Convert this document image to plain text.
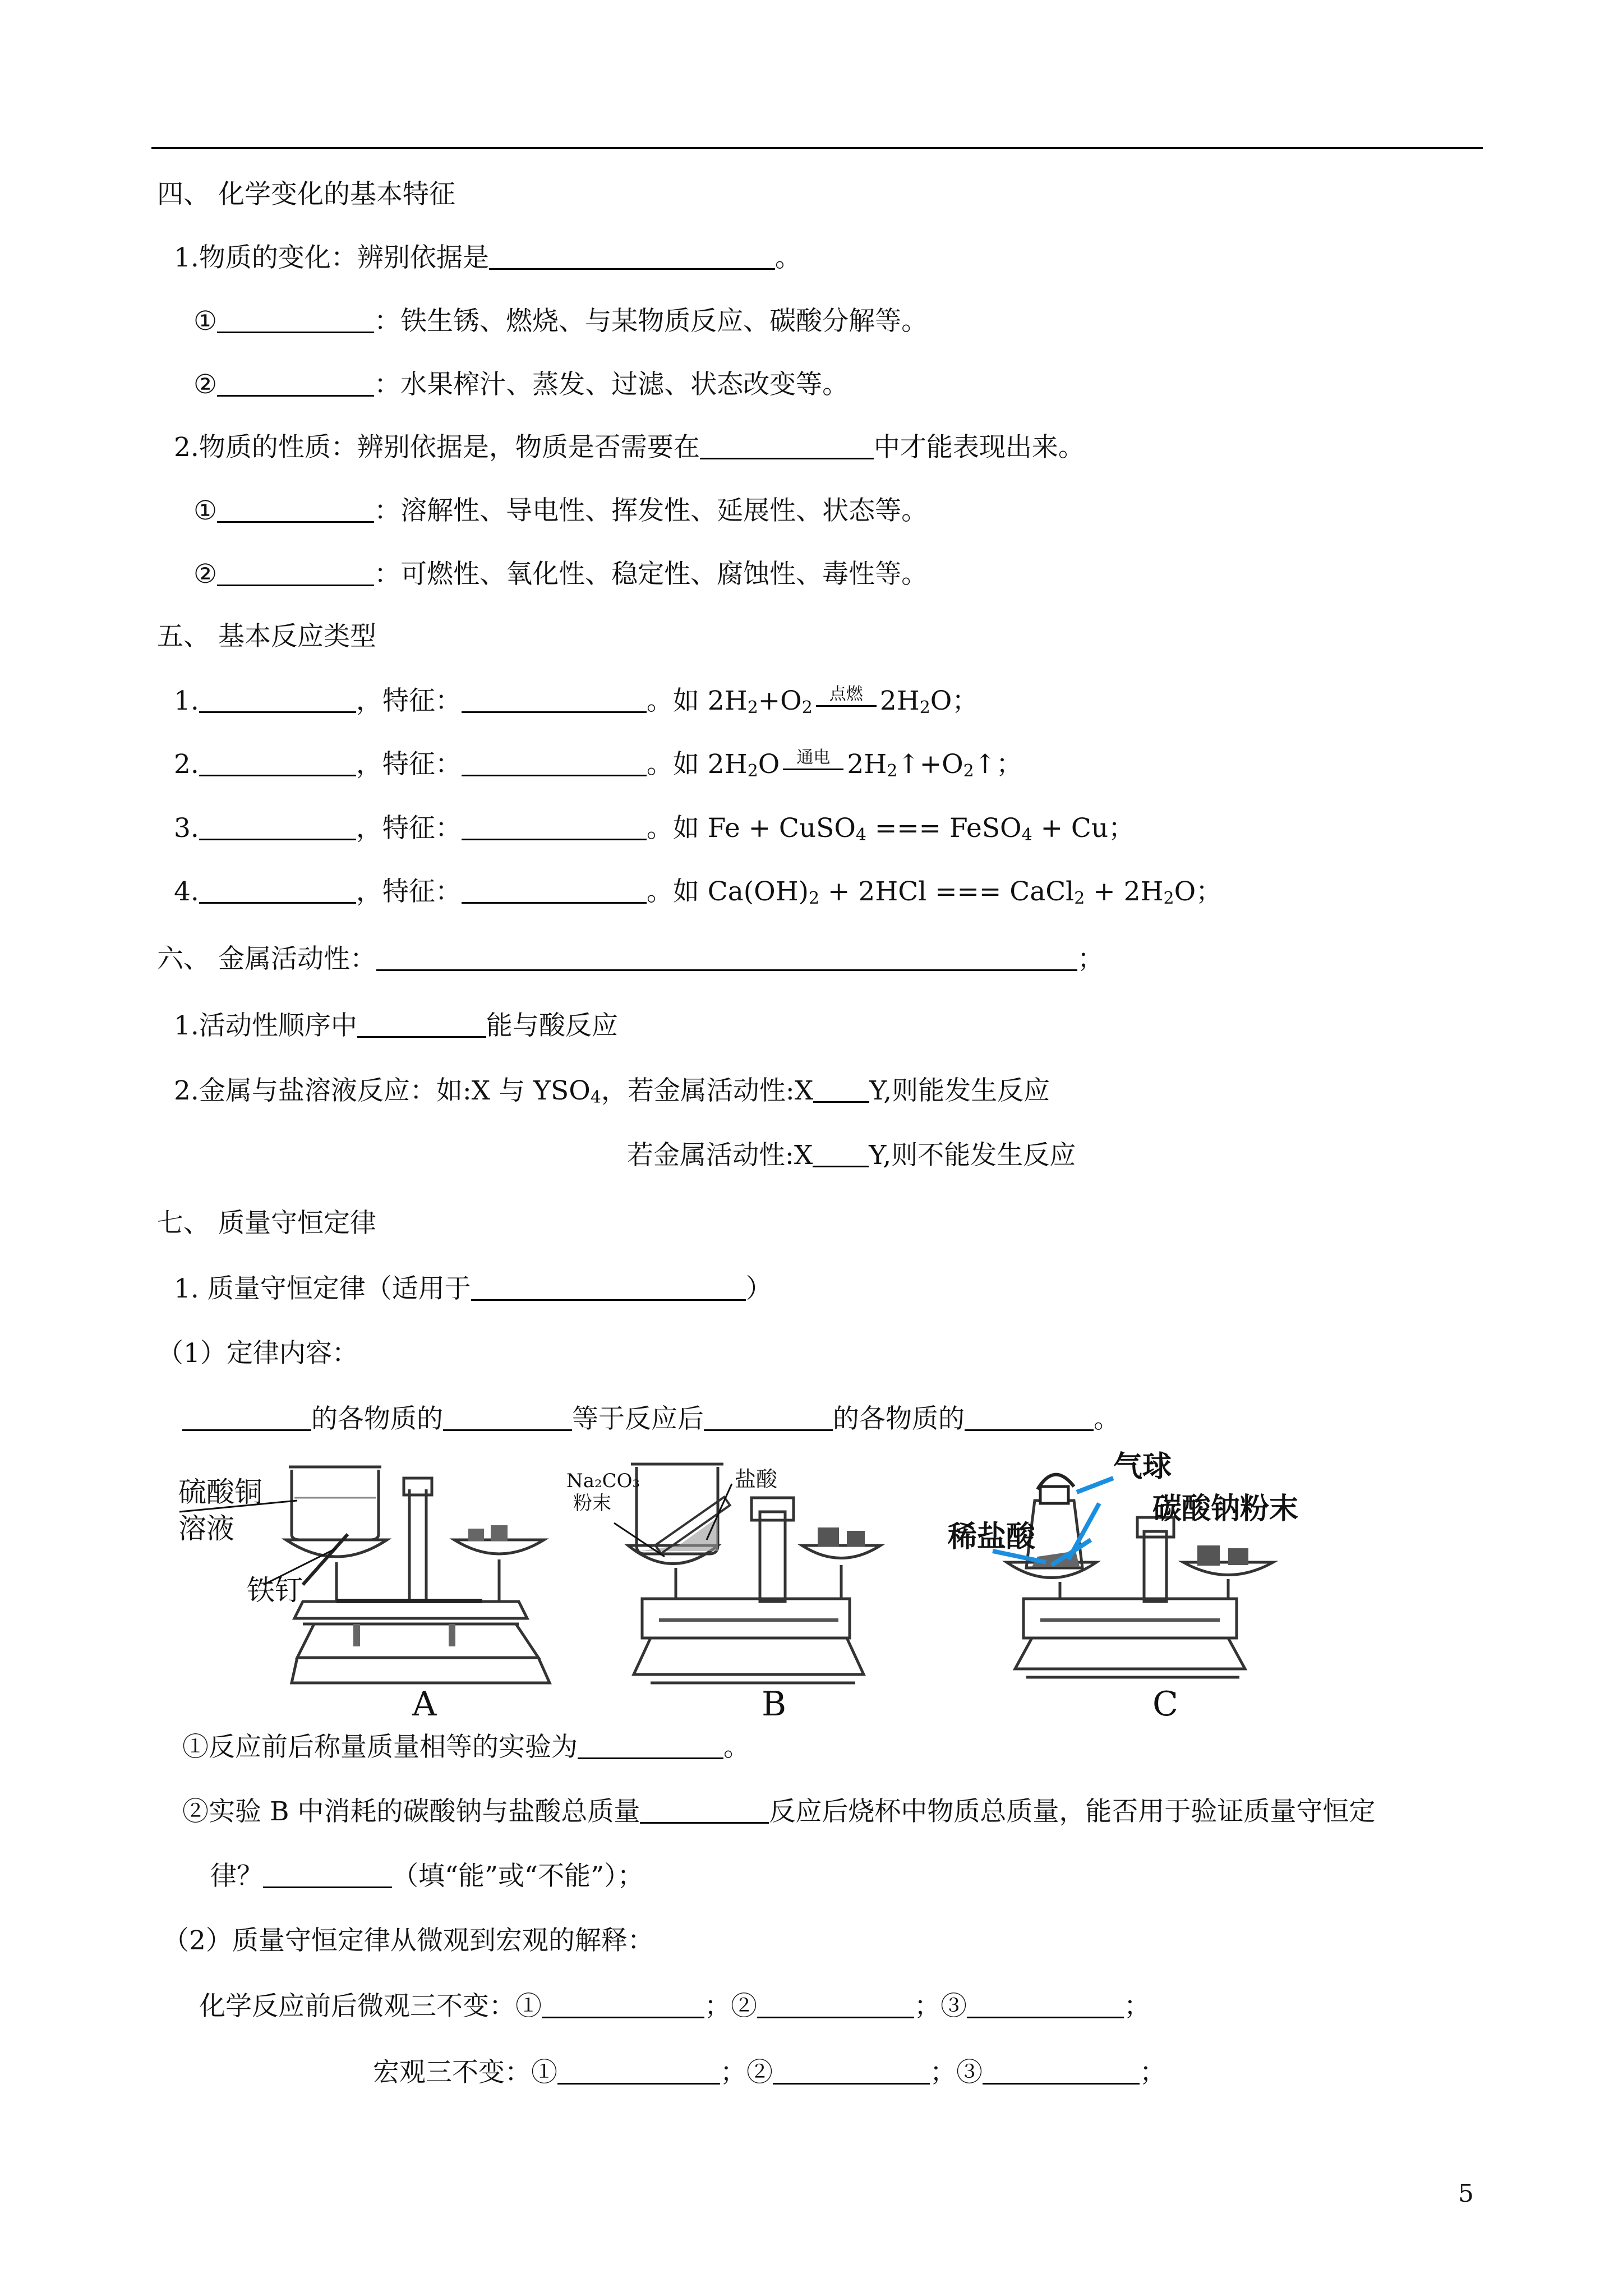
四、 化学变化的基本特征
1.物质的变化：辨别依据是	。
①	：铁生锈、燃烧、与某物质反应、碳酸分解等。
②	：水果榨汁、蒸发、过滤、状态改变等。
2.物质的性质：辨别依据是，物质是否需要在	中才能表现出来。
①	：溶解性、导电性、挥发性、延展性、状态等。
②	：可燃性、氧化性、稳定性、腐蚀性、毒性等。
五、 基本反应类型
1.	，特征：	。如 $2H_2+O_2$
点燃 $2H_2O$；
2.	，特征：	。如 $2H_2O$	通电 $2H_2↑+O_2↑$；
3.	，特征：	。如 Fe + CuSO$_4$ === FeSO$_4$ + Cu；
4.	，特征：	。如 $Ca(OH)_2 + 2HCl$ === CaCl$_2$ + $2H_2O$；
六、 金属活动性：	；
1.活动性顺序中	能与酸反应
2.金属与盐溶液反应：如:X 与 $YSO_4$，若金属活动性:X Y,则能发生反应
若金属活动性:X Y,则不能发生反应
七、 质量守恒定律
1. 质量守恒定律（适用于	）
（1）定律内容：
的各物质的	等于反应后	的各物质的	。
硫酸铜
溶液
铁钉
A
Na₂CO₃
粉末
盐酸
B
气球
碳酸钠粉末
稀盐酸
C
①反应前后称量质量相等的实验为	。
②实验 B 中消耗的碳酸钠与盐酸总质量	反应后烧杯中物质总质量，能否用于验证质量守恒定
律？	（填“能”或“不能”）；
（2）质量守恒定律从微观到宏观的解释：
化学反应前后微观三不变：①	；②	；③	；
宏观三不变：①	；②	；③	；
5
